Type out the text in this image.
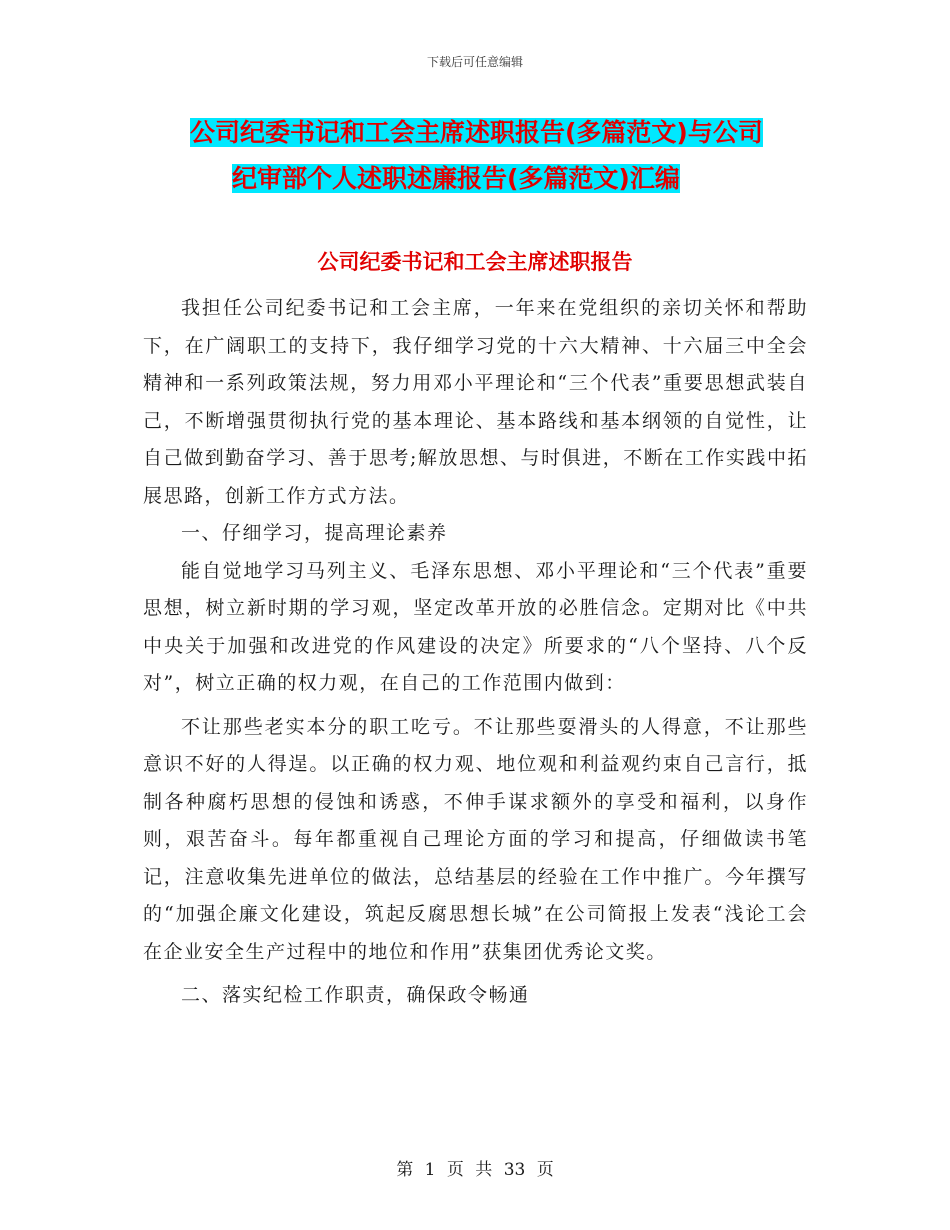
下载后可任意编辑
公司纪委书记和工会主席述职报告(多篇范文)与公司
纪审部个人述职述廉报告(多篇范文)汇编
公司纪委书记和工会主席述职报告

我担任公司纪委书记和工会主席，一年来在党组织的亲切关怀和帮助下，在广阔职工的支持下，我仔细学习党的十六大精神、十六届三中全会精神和一系列政策法规，努力用邓小平理论和“三个代表”重要思想武装自己，不断增强贯彻执行党的基本理论、基本路线和基本纲领的自觉性，让自己做到勤奋学习、善于思考;解放思想、与时俱进，不断在工作实践中拓展思路，创新工作方式方法。

一、仔细学习，提高理论素养

能自觉地学习马列主义、毛泽东思想、邓小平理论和“三个代表”重要思想，树立新时期的学习观，坚定改革开放的必胜信念。定期对比《中共中央关于加强和改进党的作风建设的决定》所要求的“八个坚持、八个反对”，树立正确的权力观，在自己的工作范围内做到：

不让那些老实本分的职工吃亏。不让那些耍滑头的人得意，不让那些意识不好的人得逞。以正确的权力观、地位观和利益观约束自己言行，抵制各种腐朽思想的侵蚀和诱惑，不伸手谋求额外的享受和福利，以身作则，艰苦奋斗。每年都重视自己理论方面的学习和提高，仔细做读书笔记，注意收集先进单位的做法，总结基层的经验在工作中推广。今年撰写的“加强企廉文化建设，筑起反腐思想长城”在公司简报上发表“浅论工会在企业安全生产过程中的地位和作用”获集团优秀论文奖。

二、落实纪检工作职责，确保政令畅通

第 1 页 共 33 页
